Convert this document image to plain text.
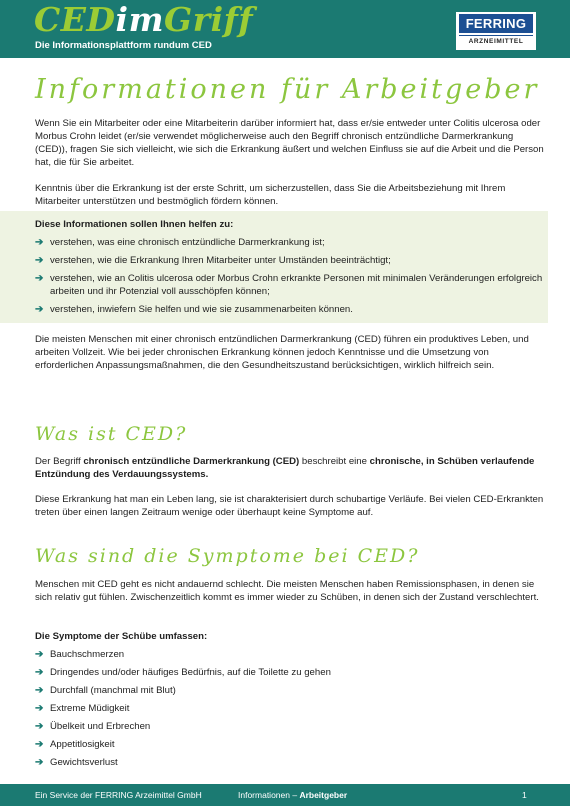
CEDimGriff
Die Informationsplattform rundum CED
FERRING
ARZNEIMITTEL
Informationen für Arbeitgeber

Wenn Sie ein Mitarbeiter oder eine Mitarbeiterin darüber informiert hat, dass er/sie entweder unter Colitis ulcerosa oder Morbus Crohn leidet (er/sie verwendet möglicherweise auch den Begriff chronisch entzündliche Darmerkrankung (CED)), fragen Sie sich vielleicht, wie sich die Erkrankung äußert und welchen Einfluss sie auf die Arbeit und die Person hat, die für Sie arbeitet.

Kenntnis über die Erkrankung ist der erste Schritt, um sicherzustellen, dass Sie die Arbeitsbeziehung mit Ihrem Mitarbeiter unterstützen und bestmöglich fördern können.

Diese Informationen sollen Ihnen helfen zu:
➔ verstehen, was eine chronisch entzündliche Darmerkrankung ist;
➔ verstehen, wie die Erkrankung Ihren Mitarbeiter unter Umständen beeinträchtigt;
➔ verstehen, wie an Colitis ulcerosa oder Morbus Crohn erkrankte Personen mit minimalen Veränderungen erfolgreich arbeiten und ihr Potenzial voll ausschöpfen können;
➔ verstehen, inwiefern Sie helfen und wie sie zusammenarbeiten können.

Die meisten Menschen mit einer chronisch entzündlichen Darmerkrankung (CED) führen ein produktives Leben, und arbeiten Vollzeit. Wie bei jeder chronischen Erkrankung können jedoch Kenntnisse und die Umsetzung von erforderlichen Anpassungsmaßnahmen, die den Gesundheitszustand berücksichtigen, wirklich hilfreich sein.

Was ist CED?

Der Begriff chronisch entzündliche Darmerkrankung (CED) beschreibt eine chronische, in Schüben verlaufende Entzündung des Verdauungssystems.

Diese Erkrankung hat man ein Leben lang, sie ist charakterisiert durch schubartige Verläufe. Bei vielen CED-Erkrankten treten über einen langen Zeitraum wenige oder überhaupt keine Symptome auf.

Was sind die Symptome bei CED?

Menschen mit CED geht es nicht andauernd schlecht. Die meisten Menschen haben Remissionsphasen, in denen sie sich relativ gut fühlen. Zwischenzeitlich kommt es immer wieder zu Schüben, in denen sich der Zustand verschlechtert.

Die Symptome der Schübe umfassen:
➔ Bauchschmerzen
➔ Dringendes und/oder häufiges Bedürfnis, auf die Toilette zu gehen
➔ Durchfall (manchmal mit Blut)
➔ Extreme Müdigkeit
➔ Übelkeit und Erbrechen
➔ Appetitlosigkeit
➔ Gewichtsverlust
Ein Service der FERRING Arzeimittel GmbH	Informationen – Arbeitgeber	1
